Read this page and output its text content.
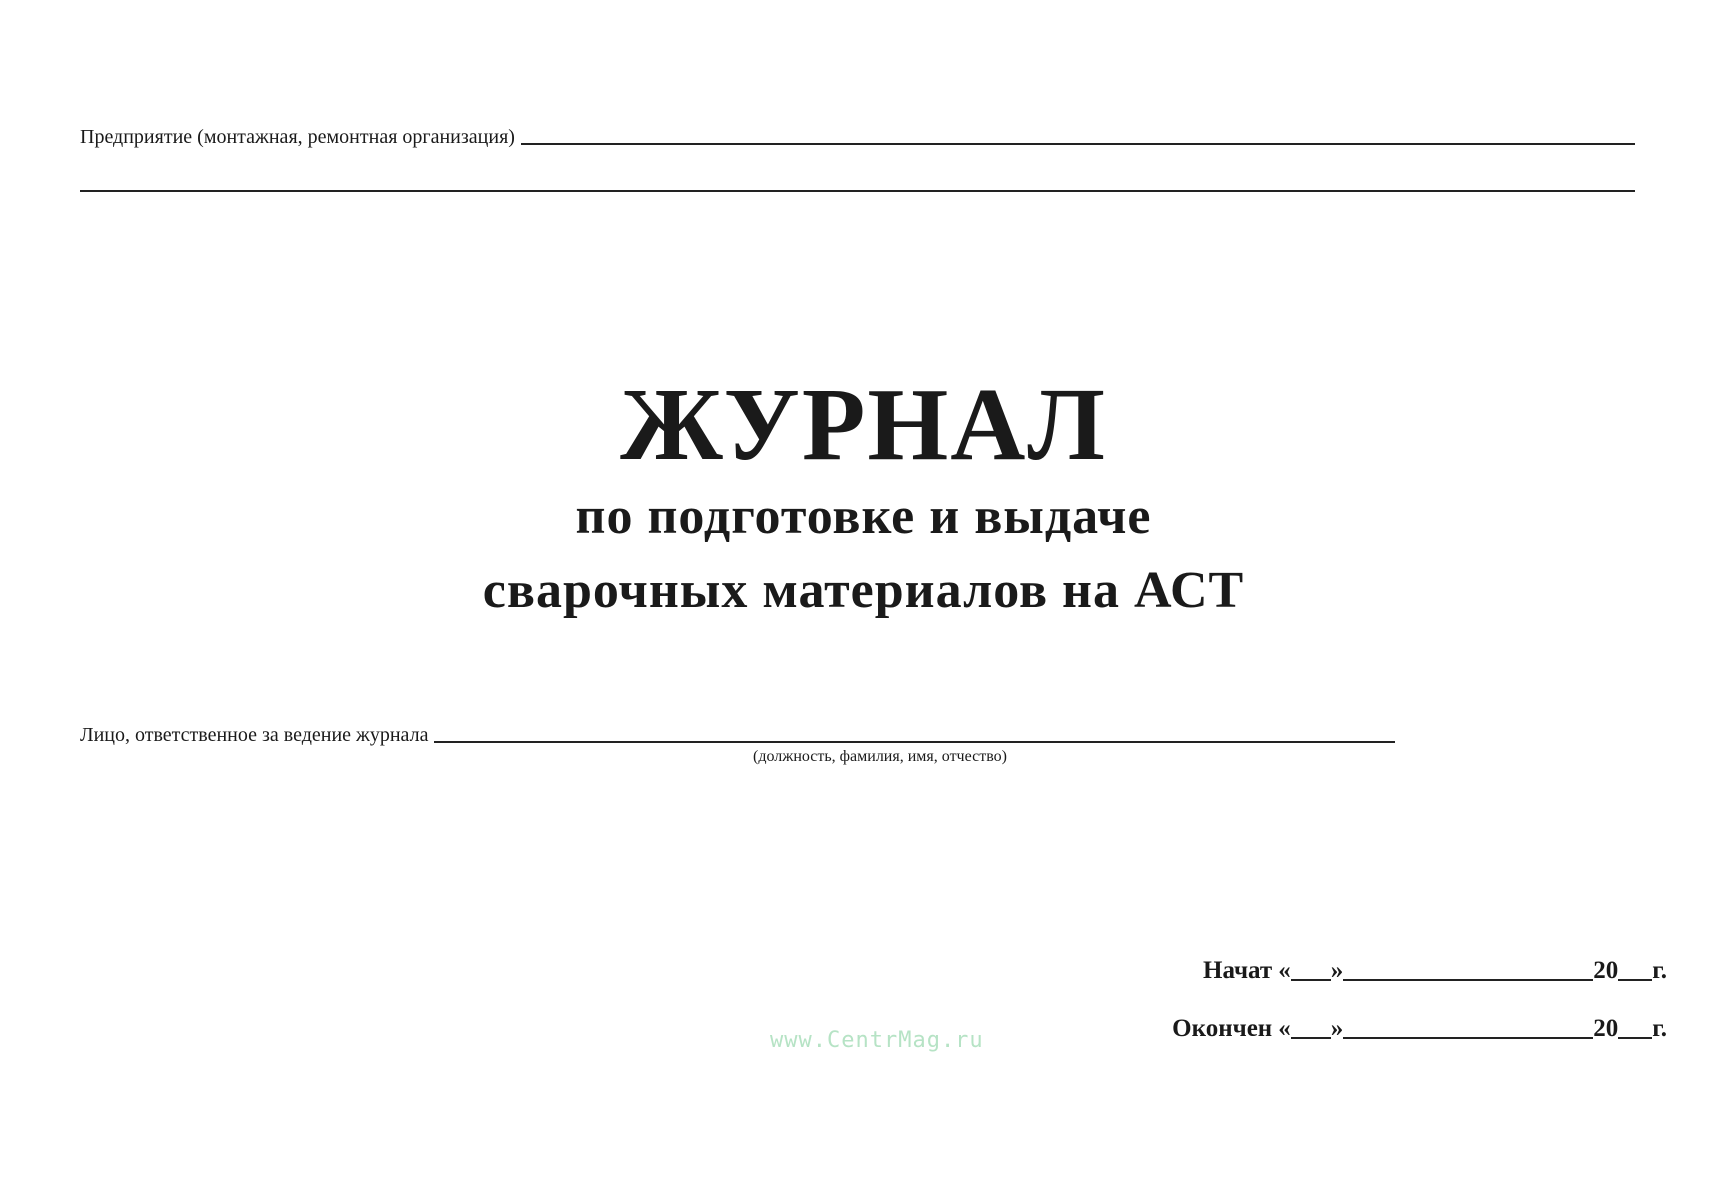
Предприятие (монтажная, ремонтная организация)
ЖУРНАЛ
по подготовке и выдаче
сварочных материалов на АСТ
Лицо, ответственное за ведение журнала
(должность, фамилия, имя, отчество)
Начат « »	20 г.
Окончен « »	20 г.
www.CentrMag.ru
